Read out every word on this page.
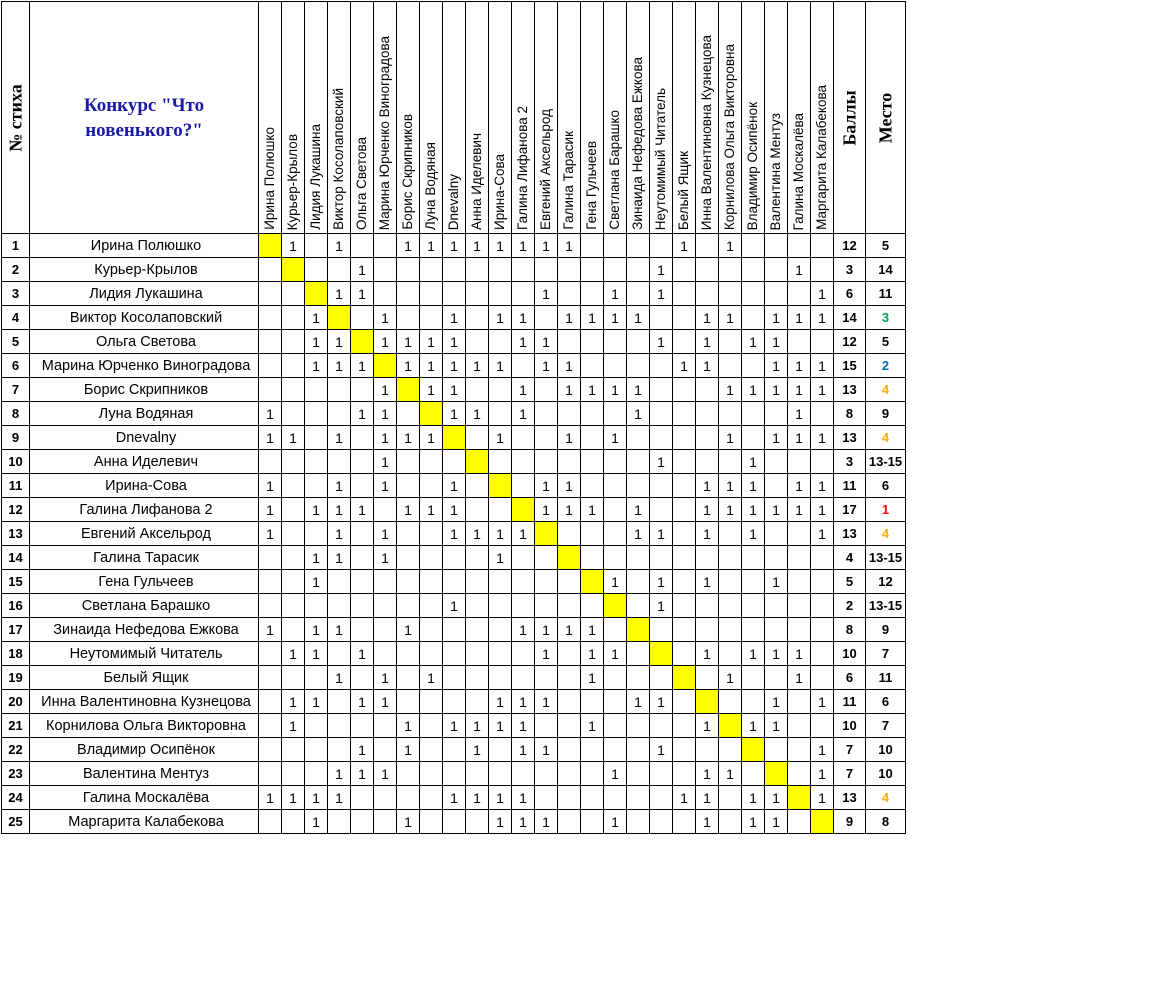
№ стиха	Конкурс "Что новенького?"	Ирина Полюшко	Курьер-Крылов	Лидия Лукашина	Виктор Косолаповский	Ольга Светова	Марина Юрченко Виноградова	Борис Скрипников	Луна Водяная	Dnevalny	Анна Иделевич	Ирина-Сова	Галина Лифанова 2	Евгений Аксельрод	Галина Тарасик	Гена Гульчеев	Светлана Барашко	Зинаида Нефедова Ежкова	Неутомимый Читатель	Белый Ящик	Инна Валентиновна Кузнецова	Корнилова Ольга Викторовна	Владимир Осипёнок	Валентина Ментуз	Галина Москалёва	Маргарита Калабекова	Баллы	Место

1	Ирина Полюшко		1		1			1	1	1	1	1	1	1	1					1		1					12	5
2	Курьер-Крылов					1													1						1		3	14
3	Лидия Лукашина				1	1								1			1		1							1	6	11
4	Виктор Косолаповский			1			1			1		1	1		1	1	1	1			1	1		1	1	1	14	3
5	Ольга Светова			1	1		1	1	1	1			1	1					1		1		1	1			12	5
6	Марина Юрченко Виноградова			1	1	1		1	1	1	1	1		1	1					1	1			1	1	1	15	2
7	Борис Скрипников						1		1	1			1		1	1	1	1				1	1	1	1	1	13	4
8	Луна Водяная	1				1	1			1	1		1					1							1		8	9
9	Dnevalny	1	1		1		1	1	1			1			1		1					1		1	1	1	13	4
10	Анна Иделевич						1												1				1				3	13-15
11	Ирина-Сова	1			1		1			1				1	1						1	1	1		1	1	11	6
12	Галина Лифанова 2	1		1	1	1		1	1	1				1	1	1		1			1	1	1	1	1	1	17	1
13	Евгений Аксельрод	1			1		1			1	1	1	1					1	1		1		1			1	13	4
14	Галина Тарасик			1	1		1					1															4	13-15
15	Гена Гульчеев			1													1		1		1			1			5	12
16	Светлана Барашко									1									1								2	13-15
17	Зинаида Нефедова Ежкова	1		1	1			1					1	1	1	1											8	9
18	Неутомимый Читатель		1	1		1								1		1	1				1		1	1	1		10	7
19	Белый Ящик				1		1		1							1						1			1		6	11
20	Инна Валентиновна Кузнецова		1	1		1	1					1	1	1				1	1					1		1	11	6
21	Корнилова Ольга Викторовна		1					1		1	1	1	1			1					1		1	1			10	7
22	Владимир Осипёнок					1		1			1		1	1					1							1	7	10
23	Валентина Ментуз				1	1	1										1				1	1				1	7	10
24	Галина Москалёва	1	1	1	1					1	1	1	1							1	1		1	1		1	13	4
25	Маргарита Калабекова			1				1				1	1	1			1				1		1	1			9	8
